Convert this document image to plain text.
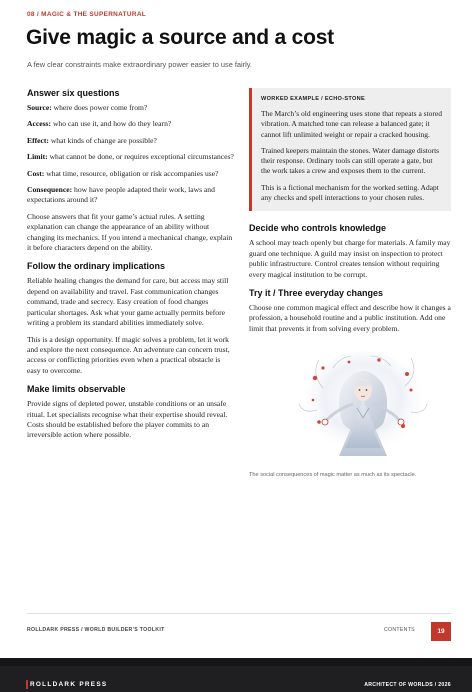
08 / MAGIC & THE SUPERNATURAL
Give magic a source and a cost
A few clear constraints make extraordinary power easier to use fairly.
Answer six questions

Source: where does power come from?

Access: who can use it, and how do they learn?

Effect: what kinds of change are possible?

Limit: what cannot be done, or requires exceptional circumstances?

Cost: what time, resource, obligation or risk accompanies use?

Consequence: how have people adapted their work, laws and expectations around it?

Choose answers that fit your game’s actual rules. A setting explanation can change the appearance of an ability without changing its mechanics. If you intend a mechanical change, explain it before characters depend on the ability.

Follow the ordinary implications

Reliable healing changes the demand for care, but access may still depend on availability and travel. Fast communication changes command, trade and secrecy. Easy creation of food changes particular shortages. Ask what your game actually permits before writing a problem its standard abilities immediately solve.

This is a design opportunity. If magic solves a problem, let it work and explore the next consequence. An adventure can concern trust, access or conflicting priorities even when a practical obstacle is easy to overcome.

Make limits observable

Provide signs of depleted power, unstable conditions or an unsafe ritual. Let specialists recognise what their expertise should reveal. Costs should be established before the player commits to an irreversible action where possible.

WORKED EXAMPLE / ECHO-STONE

The March’s old engineering uses stone that repeats a stored vibration. A matched tone can release a balanced gate; it cannot lift unlimited weight or repair a cracked housing.

Trained keepers maintain the stones. Water damage distorts their response. Ordinary tools can still operate a gate, but the work takes a crew and exposes them to the current.

This is a fictional mechanism for the worked setting. Adapt any checks and spell interactions to your chosen rules.

Decide who controls knowledge

A school may teach openly but charge for materials. A family may guard one technique. A guild may insist on inspection to protect public infrastructure. Control creates tension without requiring every magical institution to be corrupt.

Try it / Three everyday changes

Choose one common magical effect and describe how it changes a profession, a household routine and a public institution. Add one limit that prevents it from solving every problem.

The social consequences of magic matter as much as its spectacle.
ROLLDARK PRESS / WORLD BUILDER’S TOOLKIT	CONTENTS	19
ROLLDARK PRESS	ARCHITECT OF WORLDS / 2026
